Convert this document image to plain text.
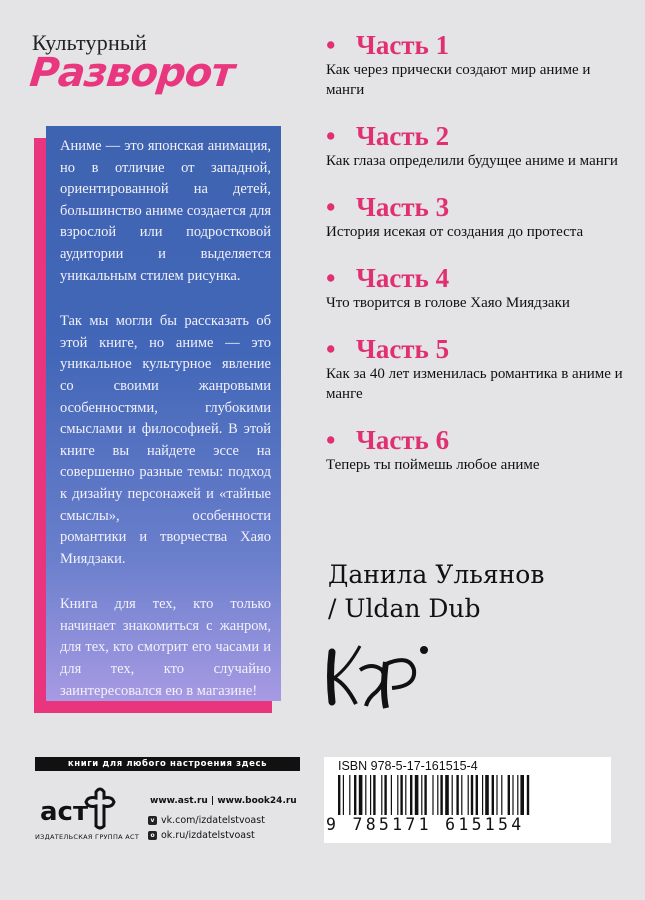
Культурный
Разворот

Аниме — это японская анимация, но в отличие от западной, ориентированной на детей, большинство аниме создается для взрослой или подростковой аудитории и выделяется уникальным стилем рисунка.

Так мы могли бы рассказать об этой книге, но аниме — это уникальное культурное явление со своими жанровыми особенностями, глубокими смыслами и философией. В этой книге вы найдете эссе на совершенно разные темы: подход к дизайну персонажей и «тайные смыслы», особенности романтики и творчества Хаяо Миядзаки.

Книга для тех, кто только начинает знакомиться с жанром, для тех, кто смотрит его часами и для тех, кто случайно заинтересовался ею в магазине!

• Часть 1
Как через прически создают мир аниме и манги
• Часть 2
Как глаза определили будущее аниме и манги
• Часть 3
История исекая от создания до протеста
• Часть 4
Что творится в голове Хаяо Миядзаки
• Часть 5
Как за 40 лет изменилась романтика в аниме и манге
• Часть 6
Теперь ты поймешь любое аниме
Данила Ульянов
/ Uldan Dub
книги для любого настроения здесь
аст
ИЗДАТЕЛЬСКАЯ ГРУППА АСТ
www.ast.ru | www.book24.ru
v vk.com/izdatelstvoast
o ok.ru/izdatelstvoast
ISBN 978-5-17-161515-4
9 785171 615154
